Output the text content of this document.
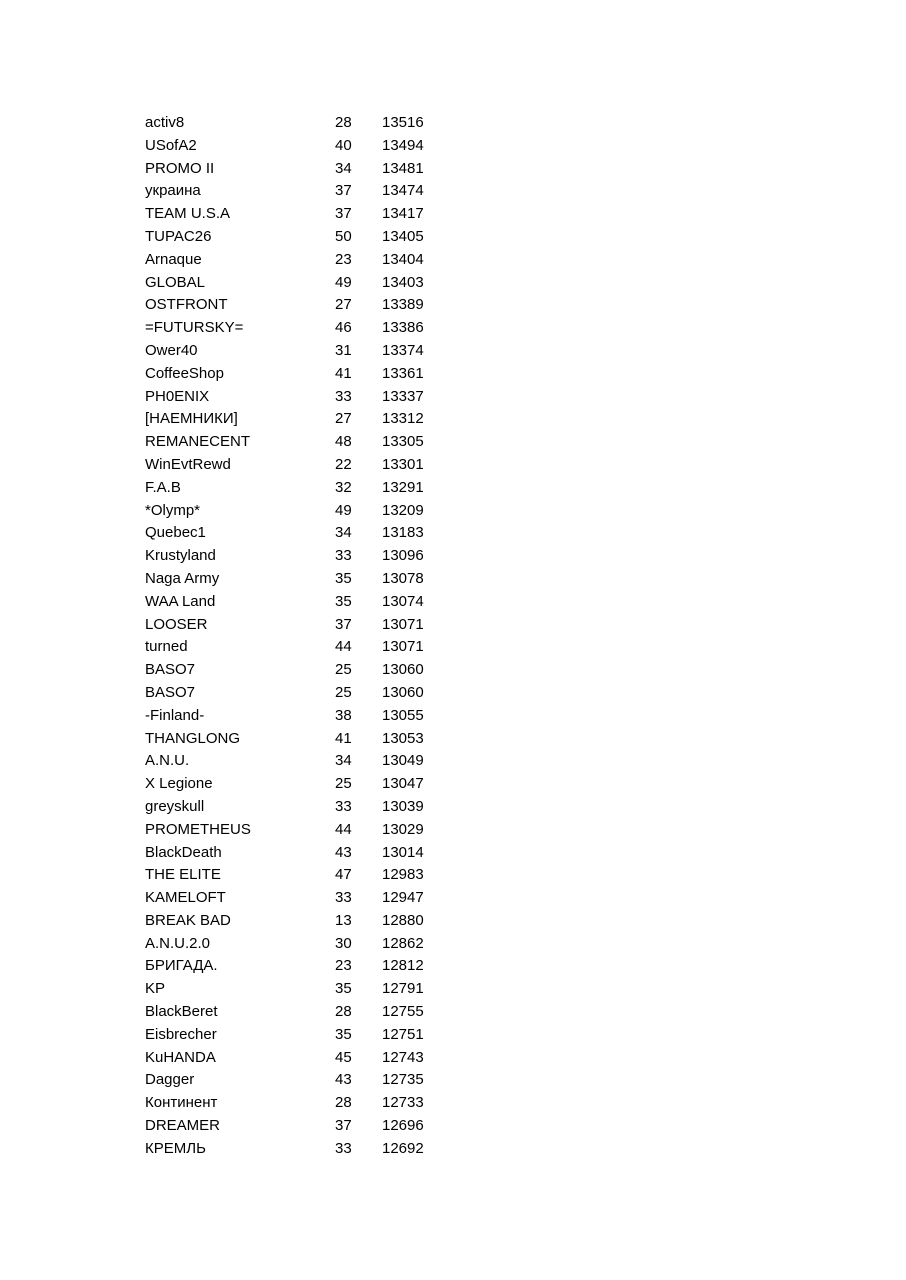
activ8	28 13516
USofA2	40 13494
PROMO II	34 13481
украина	37 13474
TEAM U.S.A	37 13417
TUPAC26	50 13405
Arnaque	23 13404
GLOBAL	49 13403
OSTFRONT	27 13389
=FUTURSKY=	46 13386
Ower40	31 13374
CoffeeShop	41 13361
PH0ENIX	33 13337
[НАЕМНИКИ]	27 13312
REMANECENT	48 13305
WinEvtRewd	22 13301
F.A.B	32 13291
*Olymp*	49 13209
Quebec1	34 13183
Krustyland	33 13096
Naga Army	35 13078
WAA Land	35 13074
LOOSER	37 13071
turned	44 13071
BASO7	25 13060
BASO7	25 13060
-Finland-	38 13055
THANGLONG	41 13053
A.N.U.	34 13049
X Legione	25 13047
greyskull	33 13039
PROMETHEUS	44 13029
BlackDeath	43 13014
THE ELITE	47 12983
KAMELOFT	33 12947
BREAK BAD	13 12880
A.N.U.2.0	30 12862
БРИГАДА.	23 12812
KP	35 12791
BlackBeret	28 12755
Eisbrecher	35 12751
KuHANDA	45 12743
Dagger	43 12735
Континент	28 12733
DREAMER	37 12696
КРЕМЛЬ	33 12692
